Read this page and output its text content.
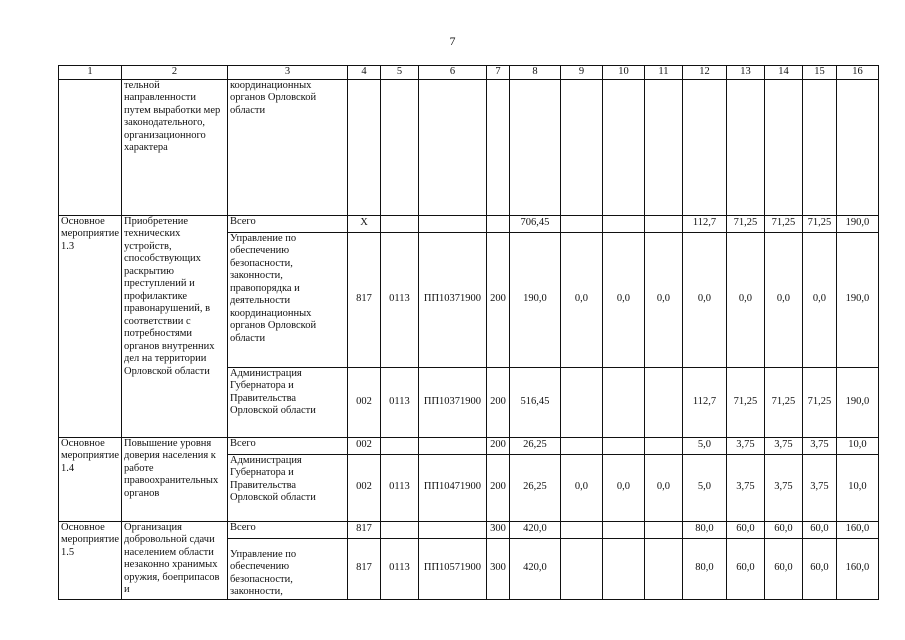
7
1	2	3	4	5	6	7	8	9	10	11	12	13	14	15	16
	тельной направленности путем выработки мер законодательного, организационного характера	координационных органов Орловской области													
Основное мероприятие 1.3	Приобретение технических устройств, способствующих раскрытию преступлений и профилактике правонарушений, в соответствии с потребностями органов внутренних дел на территории Орловской области	Всего	Х				706,45				112,7	71,25	71,25	71,25	190,0
		Управление по обеспечению безопасности, законности, правопорядка и деятельности координационных органов Орловской области	817	0113	ПП10371900	200	190,0	0,0	0,0	0,0	0,0	0,0	0,0	0,0	190,0
		Администрация Губернатора и Правительства Орловской области	002	0113	ПП10371900	200	516,45				112,7	71,25	71,25	71,25	190,0
Основное мероприятие 1.4	Повышение уровня доверия населения к работе правоохранительных органов	Всего	002			200	26,25				5,0	3,75	3,75	3,75	10,0
		Администрация Губернатора и Правительства Орловской области	002	0113	ПП10471900	200	26,25	0,0	0,0	0,0	5,0	3,75	3,75	3,75	10,0
Основное мероприятие 1.5	Организация добровольной сдачи населением области незаконно хранимых оружия, боеприпасов и	Всего	817			300	420,0				80,0	60,0	60,0	60,0	160,0
		Управление по обеспечению безопасности, законности,	817	0113	ПП10571900	300	420,0				80,0	60,0	60,0	60,0	160,0
